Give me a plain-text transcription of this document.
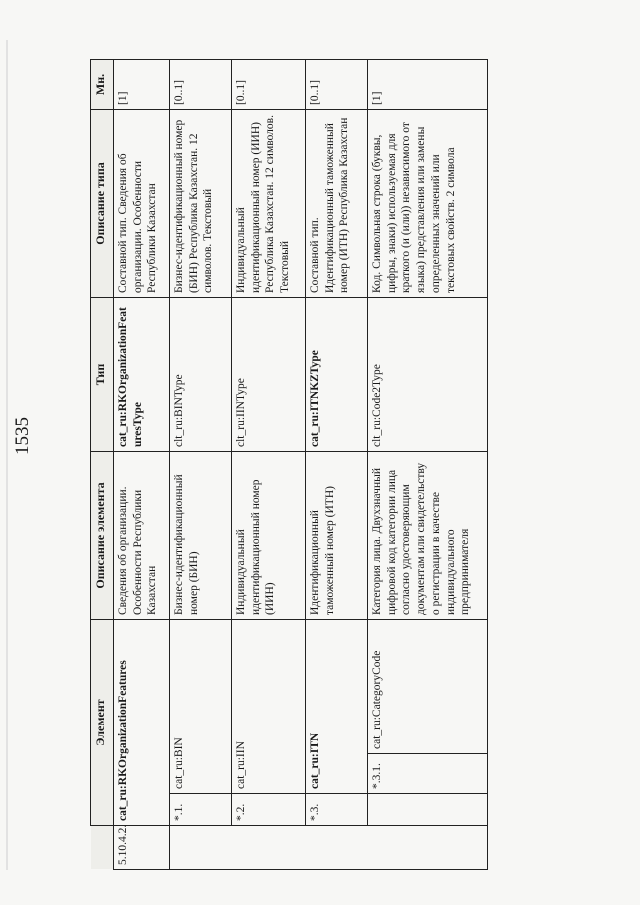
1535
	Элемент			Описание элемента	Тип	Описание типа	Мн.
5.10.4.2.	cat_ru:RKOrganizationFeatures			Сведения об организации. Особенности Республики Казахстан	cat_ru:RKOrganizationFeaturesType	Составной тип. Сведения об организации. Особенности Республики Казахстан	[1]
	*.1.	cat_ru:BIN		Бизнес-идентификационный номер (БИН)	clt_ru:BINType	Бизнес-идентификационный номер (БИН) Республика Казахстан. 12 символов. Текстовый	[0..1]
	*.2.	cat_ru:IIN		Индивидуальный идентификационный номер (ИИН)	clt_ru:IINType	Индивидуальный идентификационный номер (ИИН) Республика Казахстан. 12 символов. Текстовый	[0..1]
	*.3.	cat_ru:ITN		Идентификационный таможенный номер (ИТН)	cat_ru:ITNKZType	Составной тип. Идентификационный таможенный номер (ИТН) Республика Казахстан	[0..1]
		*.3.1.	cat_ru:CategoryCode	Категория лица. Двухзначный цифровой код категории лица согласно удостоверяющим документам или свидетельству о регистрации в качестве индивидуального предпринимателя	clt_ru:Code2Type	Код. Символьная строка (буквы, цифры, знаки) используемая для краткого (и (или)) независимого от языка) представления или замены определенных значений или текстовых свойств. 2 символа	[1]
